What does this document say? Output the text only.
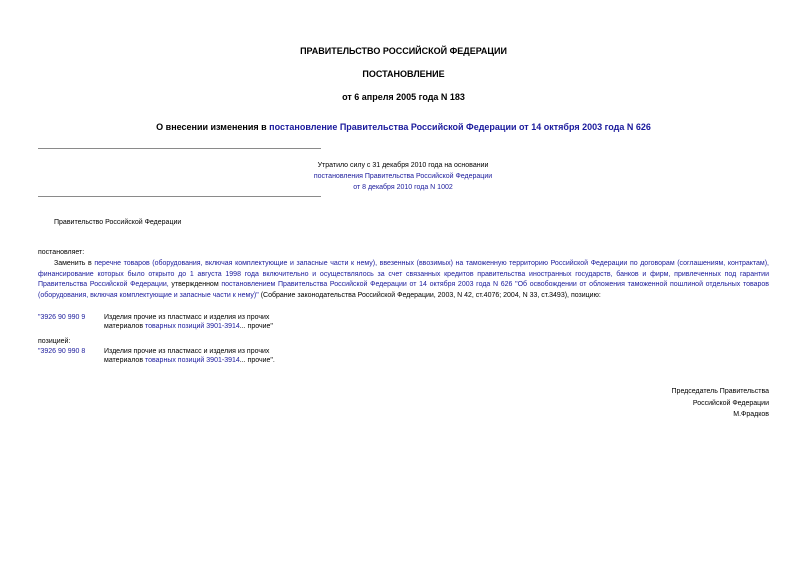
ПРАВИТЕЛЬСТВО РОССИЙСКОЙ ФЕДЕРАЦИИ
ПОСТАНОВЛЕНИЕ
от 6 апреля 2005 года N 183
О внесении изменения в постановление Правительства Российской Федерации от 14 октября 2003 года N 626
Утратило силу с 31 декабря 2010 года на основании
постановления Правительства Российской Федерации
от 8 декабря 2010 года N 1002
Правительство Российской Федерации
постановляет:
Заменить в перечне товаров (оборудования, включая комплектующие и запасные части к нему), ввезенных (ввозимых) на таможенную территорию Российской Федерации по договорам (соглашениям, контрактам), финансирование которых было открыто до 1 августа 1998 года включительно и осуществлялось за счет связанных кредитов правительства иностранных государств, банков и фирм, привлеченных под гарантии Правительства Российской Федерации, утвержденном постановлением Правительства Российской Федерации от 14 октября 2003 года N 626 "Об освобождении от обложения таможенной пошлиной отдельных товаров (оборудования, включая комплектующие и запасные части к нему)" (Собрание законодательства Российской Федерации, 2003, N 42, ст.4076; 2004, N 33, ст.3493), позицию:
"3926 90 990 9	Изделия прочие из пластмасс и изделия из прочих
материалов товарных позиций 3901-3914... прочие"
позицией:
"3926 90 990 8	Изделия прочие из пластмасс и изделия из прочих
материалов товарных позиций 3901-3914... прочие".
Председатель Правительства
Российской Федерации
М.Фрадков
